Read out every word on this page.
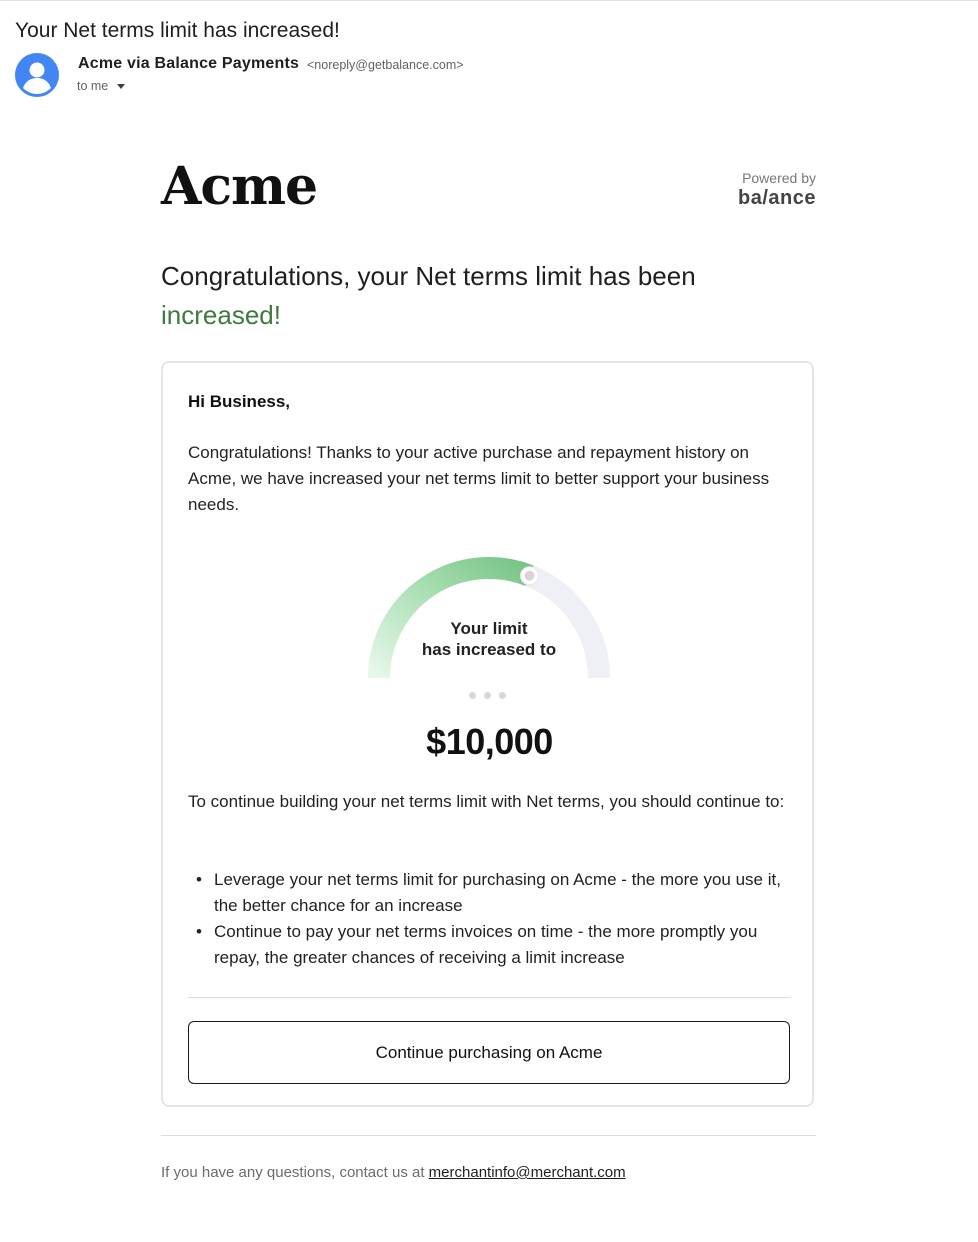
Your Net terms limit has increased!
Acme via Balance Payments <noreply@getbalance.com>
to me
Acme	Powered by
ba/ance
Congratulations, your Net terms limit has been
increased!
Hi Business,
Congratulations! Thanks to your active purchase and repayment history on Acme, we have increased your net terms limit to better support your business needs.
Your limit
has increased to
$10,000
To continue building your net terms limit with Net terms, you should continue to:
• Leverage your net terms limit for purchasing on Acme - the more you use it, the better chance for an increase
• Continue to pay your net terms invoices on time - the more promptly you repay, the greater chances of receiving a limit increase
Continue purchasing on Acme
If you have any questions, contact us at merchantinfo@merchant.com
